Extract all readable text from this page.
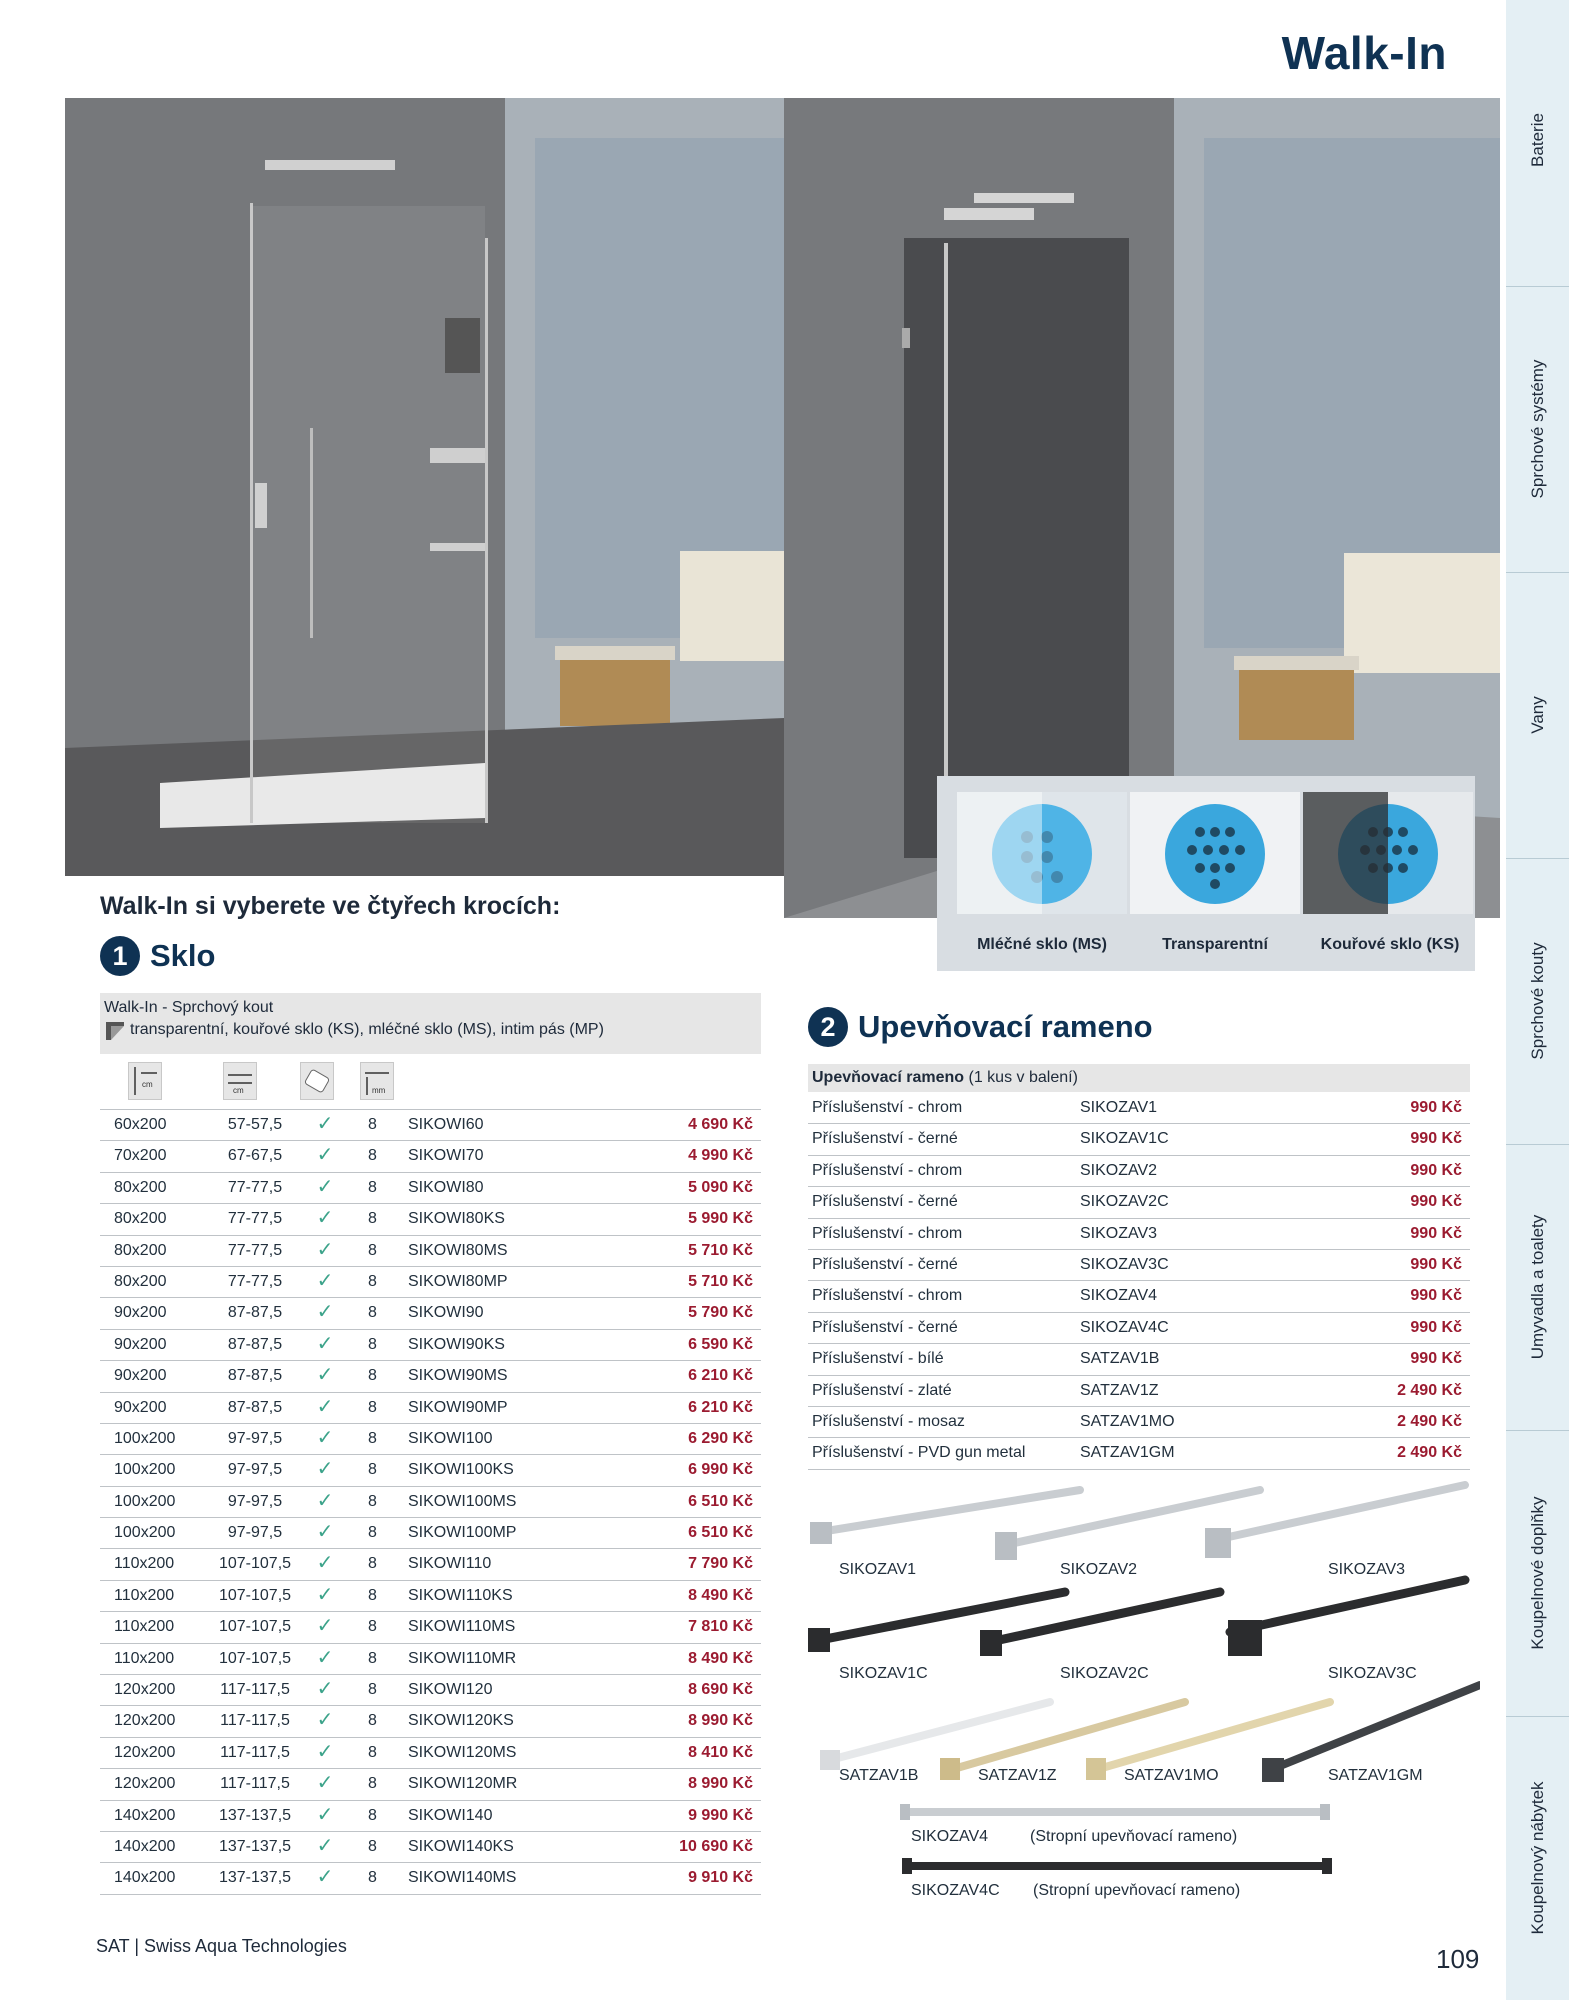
Walk-In
Mléčné sklo (MS)	Transparentní	Kouřové sklo (KS)
Baterie
Sprchové systémy
Vany
Sprchové kouty
Umyvadla a toalety
Koupelnové doplňky
Koupelnový nábytek
Walk-In si vyberete ve čtyřech krocích:
1 Sklo
Walk-In - Sprchový kout
transparentní, kouřové sklo (KS), mléčné sklo (MS), intim pás (MP)
cm
cm	mm
60x200	57-57,5	✓	8 SIKOWI60	4 690 Kč
70x200	67-67,5	✓	8 SIKOWI70	4 990 Kč
80x200	77-77,5	✓	8 SIKOWI80	5 090 Kč
80x200	77-77,5	✓	8 SIKOWI80KS	5 990 Kč
80x200	77-77,5	✓	8 SIKOWI80MS	5 710 Kč
80x200	77-77,5	✓	8 SIKOWI80MP	5 710 Kč
90x200	87-87,5	✓	8 SIKOWI90	5 790 Kč
90x200	87-87,5	✓	8 SIKOWI90KS	6 590 Kč
90x200	87-87,5	✓	8 SIKOWI90MS	6 210 Kč
90x200	87-87,5	✓	8 SIKOWI90MP	6 210 Kč
100x200	97-97,5	✓	8 SIKOWI100	6 290 Kč
100x200	97-97,5	✓	8 SIKOWI100KS	6 990 Kč
100x200	97-97,5	✓	8 SIKOWI100MS	6 510 Kč
100x200	97-97,5	✓	8 SIKOWI100MP	6 510 Kč
110x200	107-107,5	✓	8 SIKOWI110	7 790 Kč
110x200	107-107,5	✓	8 SIKOWI110KS	8 490 Kč
110x200	107-107,5	✓	8 SIKOWI110MS	7 810 Kč
110x200	107-107,5	✓	8 SIKOWI110MR	8 490 Kč
120x200	117-117,5	✓	8 SIKOWI120	8 690 Kč
120x200	117-117,5	✓	8 SIKOWI120KS	8 990 Kč
120x200	117-117,5	✓	8 SIKOWI120MS	8 410 Kč
120x200	117-117,5	✓	8 SIKOWI120MR	8 990 Kč
140x200	137-137,5	✓	8 SIKOWI140	9 990 Kč
140x200	137-137,5	✓	8 SIKOWI140KS	10 690 Kč
140x200	137-137,5	✓	8 SIKOWI140MS	9 910 Kč
2 Upevňovací rameno
Upevňovací rameno (1 kus v balení)
Příslušenství - chrom	SIKOZAV1	990 Kč
Příslušenství - černé	SIKOZAV1C	990 Kč
Příslušenství - chrom	SIKOZAV2	990 Kč
Příslušenství - černé	SIKOZAV2C	990 Kč
Příslušenství - chrom	SIKOZAV3	990 Kč
Příslušenství - černé	SIKOZAV3C	990 Kč
Příslušenství - chrom	SIKOZAV4	990 Kč
Příslušenství - černé	SIKOZAV4C	990 Kč
Příslušenství - bílé	SATZAV1B	990 Kč
Příslušenství - zlaté	SATZAV1Z	2 490 Kč
Příslušenství - mosaz	SATZAV1MO	2 490 Kč
Příslušenství - PVD gun metal	SATZAV1GM	2 490 Kč
SIKOZAV1	SIKOZAV2	SIKOZAV3
SIKOZAV1C	SIKOZAV2C	SIKOZAV3C
SATZAV1B	SATZAV1Z	SATZAV1MO	SATZAV1GM
SIKOZAV4	(Stropní upevňovací rameno)
SIKOZAV4C (Stropní upevňovací rameno)
SAT | Swiss Aqua Technologies	109
